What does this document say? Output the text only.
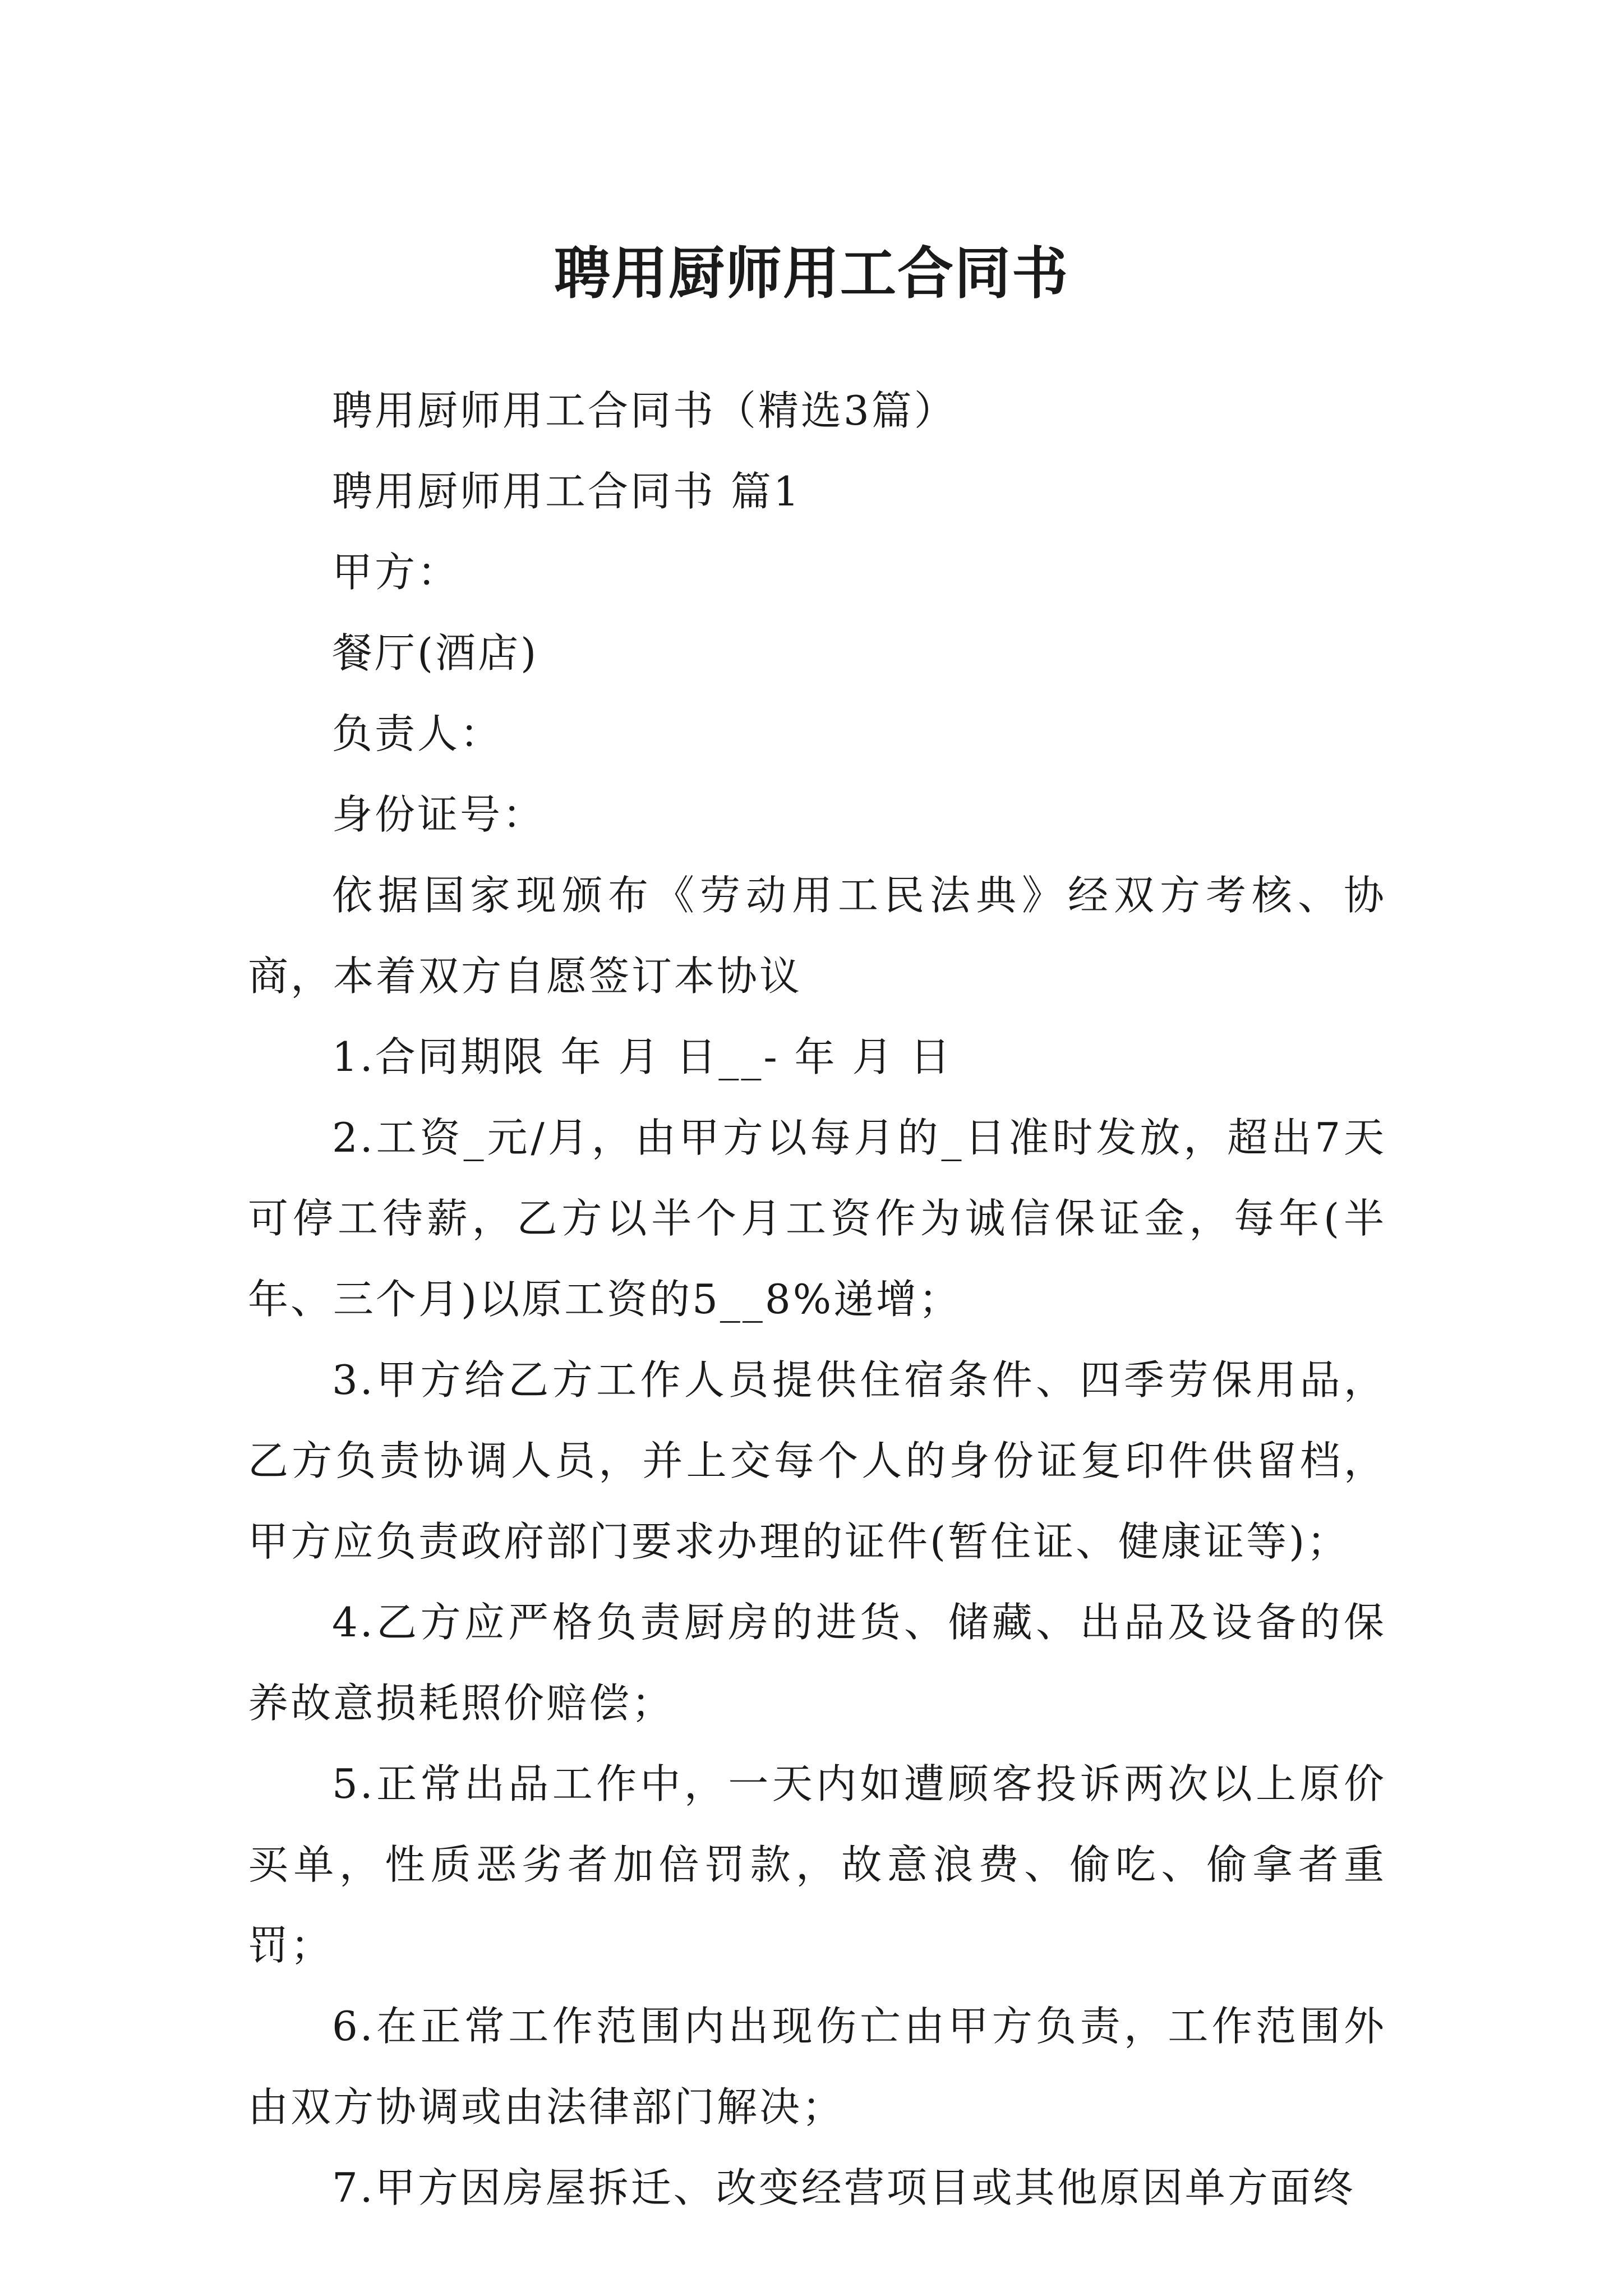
聘用厨师用工合同书

聘用厨师用工合同书（精选3篇）

聘用厨师用工合同书 篇1

甲方：

餐厅(酒店)

负责人：

身份证号：

依据国家现颁布《劳动用工民法典》经双方考核、协商，本着双方自愿签订本协议

1.合同期限 年 月 日__- 年 月 日

2.工资_元/月，由甲方以每月的_日准时发放，超出7天可停工待薪，乙方以半个月工资作为诚信保证金，每年(半年、三个月)以原工资的5__8%递增；

3.甲方给乙方工作人员提供住宿条件、四季劳保用品，乙方负责协调人员，并上交每个人的身份证复印件供留档，甲方应负责政府部门要求办理的证件(暂住证、健康证等)；

4.乙方应严格负责厨房的进货、储藏、出品及设备的保养故意损耗照价赔偿；

5.正常出品工作中，一天内如遭顾客投诉两次以上原价买单，性质恶劣者加倍罚款，故意浪费、偷吃、偷拿者重罚；

6.在正常工作范围内出现伤亡由甲方负责，工作范围外由双方协调或由法律部门解决；

7.甲方因房屋拆迁、改变经营项目或其他原因单方面终
